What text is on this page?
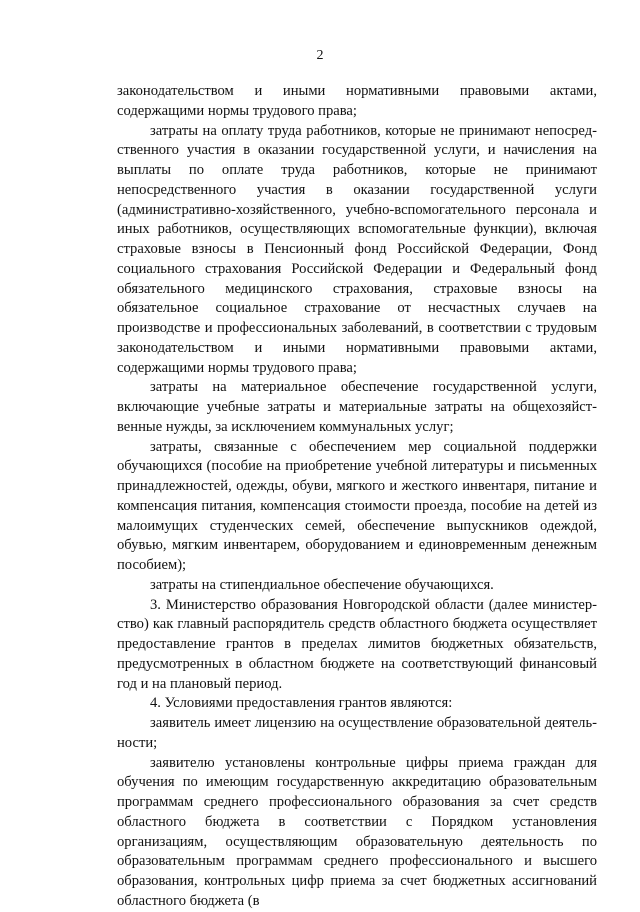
2

законодательством и иными нормативными правовыми актами, содержащими нормы трудового права;

затраты на оплату труда работников, которые не принимают непосредственного участия в оказании государственной услуги, и начисления на выплаты по оплате труда работников, которые не принимают непосредственного участия в оказании государственной услуги (административно-хозяйственного, учебно-вспомогательного персонала и иных работников, осуществляющих вспомогательные функции), включая страховые взносы в Пенсионный фонд Российской Федерации, Фонд социального страхования Российской Федерации и Федеральный фонд обязательного медицинского страхования, страховые взносы на обязательное социальное страхование от несчастных случаев на производстве и профессиональных заболеваний, в соответствии с трудовым законодательством и иными нормативными правовыми актами, содержащими нормы трудового права;

затраты на материальное обеспечение государственной услуги, включающие учебные затраты и материальные затраты на общехозяйственные нужды, за исключением коммунальных услуг;

затраты, связанные с обеспечением мер социальной поддержки обучающихся (пособие на приобретение учебной литературы и письменных принадлежностей, одежды, обуви, мягкого и жесткого инвентаря, питание и компенсация питания, компенсация стоимости проезда, пособие на детей из малоимущих студенческих семей, обеспечение выпускников одеждой, обувью, мягким инвентарем, оборудованием и единовременным денежным пособием);

затраты на стипендиальное обеспечение обучающихся.

3. Министерство образования Новгородской области (далее министерство) как главный распорядитель средств областного бюджета осуществляет предоставление грантов в пределах лимитов бюджетных обязательств, предусмотренных в областном бюджете на соответствующий финансовый год и на плановый период.

4. Условиями предоставления грантов являются:

заявитель имеет лицензию на осуществление образовательной деятельности;

заявителю установлены контрольные цифры приема граждан для обучения по имеющим государственную аккредитацию образовательным программам среднего профессионального образования за счет средств областного бюджета в соответствии с Порядком установления организациям, осуществляющим образовательную деятельность по образовательным программам среднего профессионального и высшего образования, контрольных цифр приема за счет бюджетных ассигнований областного бюджета (в
